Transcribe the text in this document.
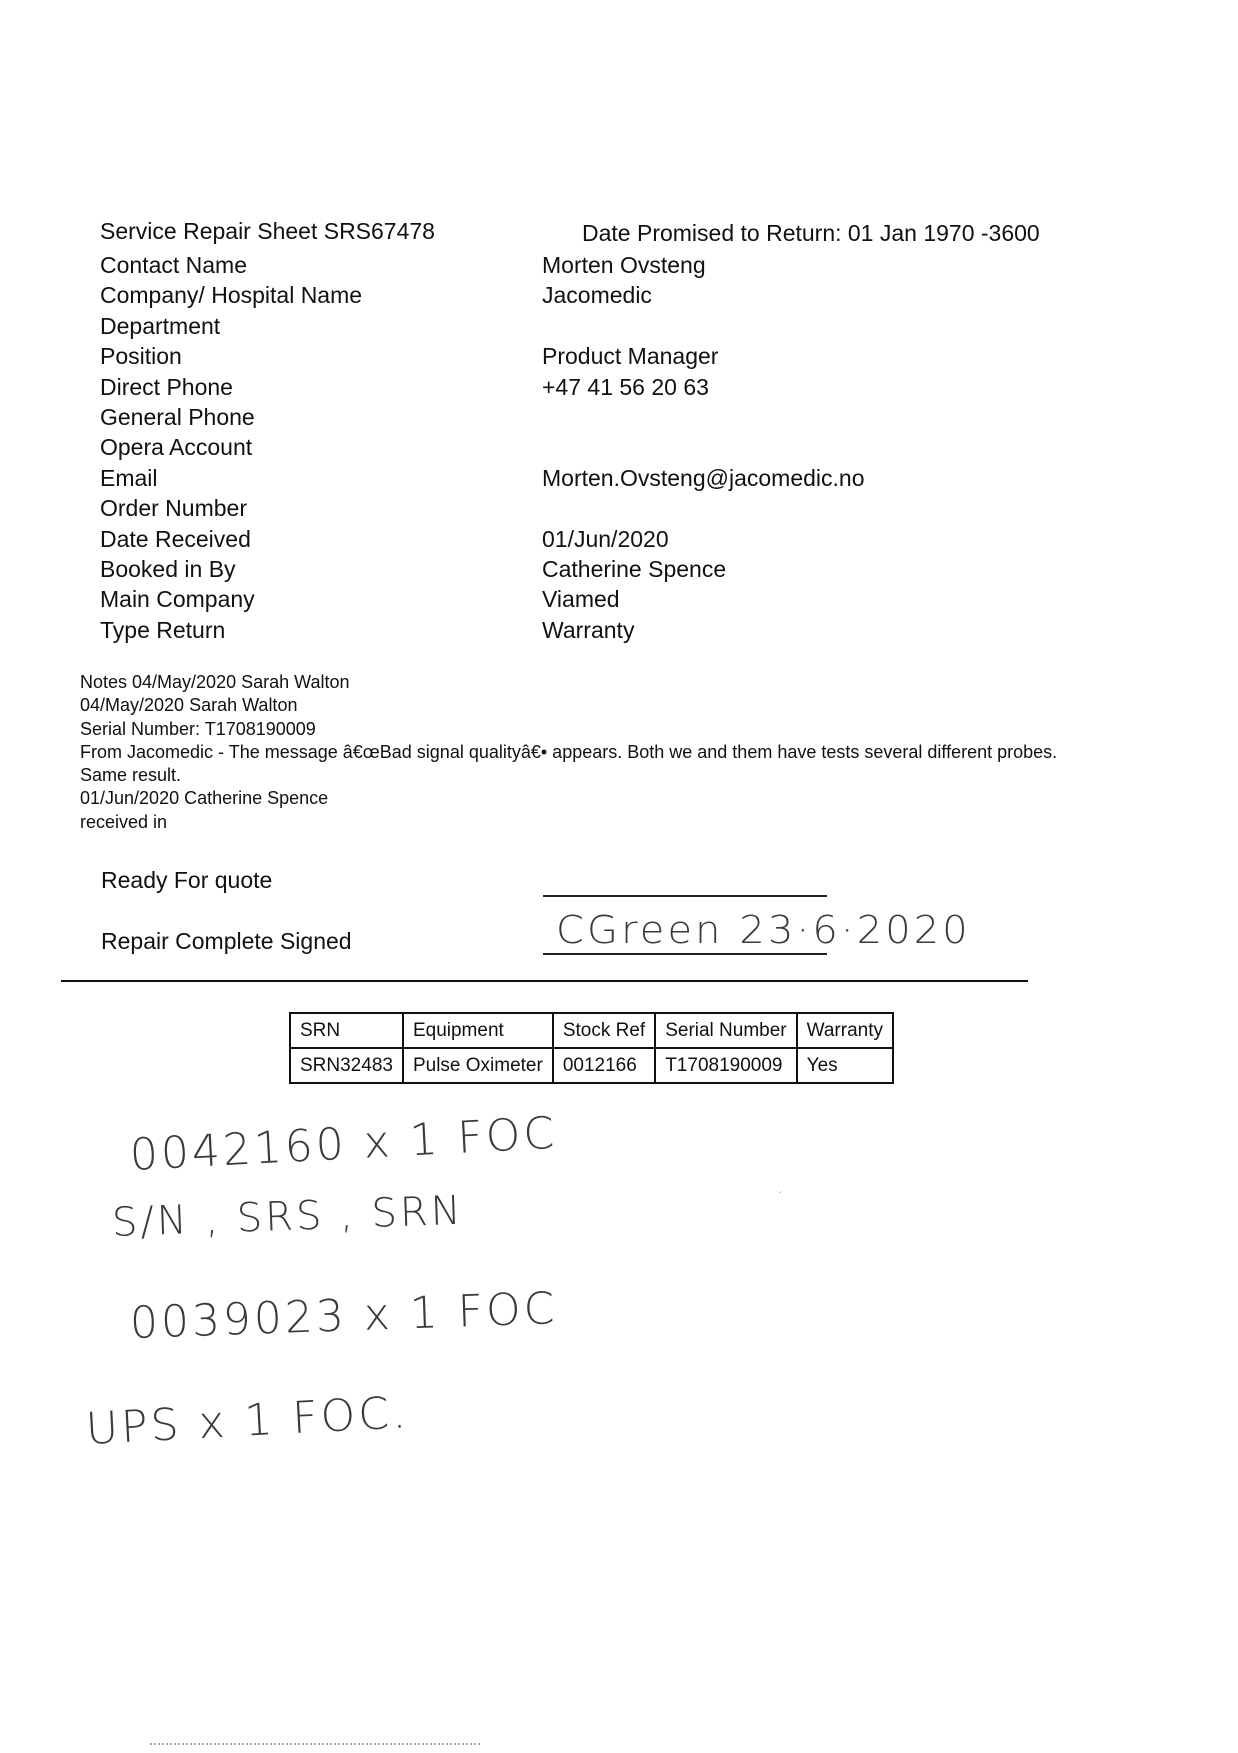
Service Repair Sheet SRS67478	Date Promised to Return: 01 Jan 1970 -3600
Contact Name	Morten Ovsteng
Company/ Hospital Name	Jacomedic
Department
Position	Product Manager
Direct Phone	+47 41 56 20 63
General Phone
Opera Account
Email	Morten.Ovsteng@jacomedic.no
Order Number
Date Received	01/Jun/2020
Booked in By	Catherine Spence
Main Company	Viamed
Type Return	Warranty
Notes 04/May/2020 Sarah Walton
04/May/2020 Sarah Walton
Serial Number: T1708190009
From Jacomedic - The message â€œBad signal qualityâ€• appears. Both we and them have tests several different probes.
Same result.
01/Jun/2020 Catherine Spence
received in
Ready For quote
Repair Complete Signed	CGreen 23·6·2020
SRN	Equipment	Stock Ref	Serial Number	Warranty
SRN32483	Pulse Oximeter	0012166	T1708190009	Yes
0042160 x 1 FOC
S/N , SRS , SRN
0039023 x 1 FOC
UPS x 1 FOC.
